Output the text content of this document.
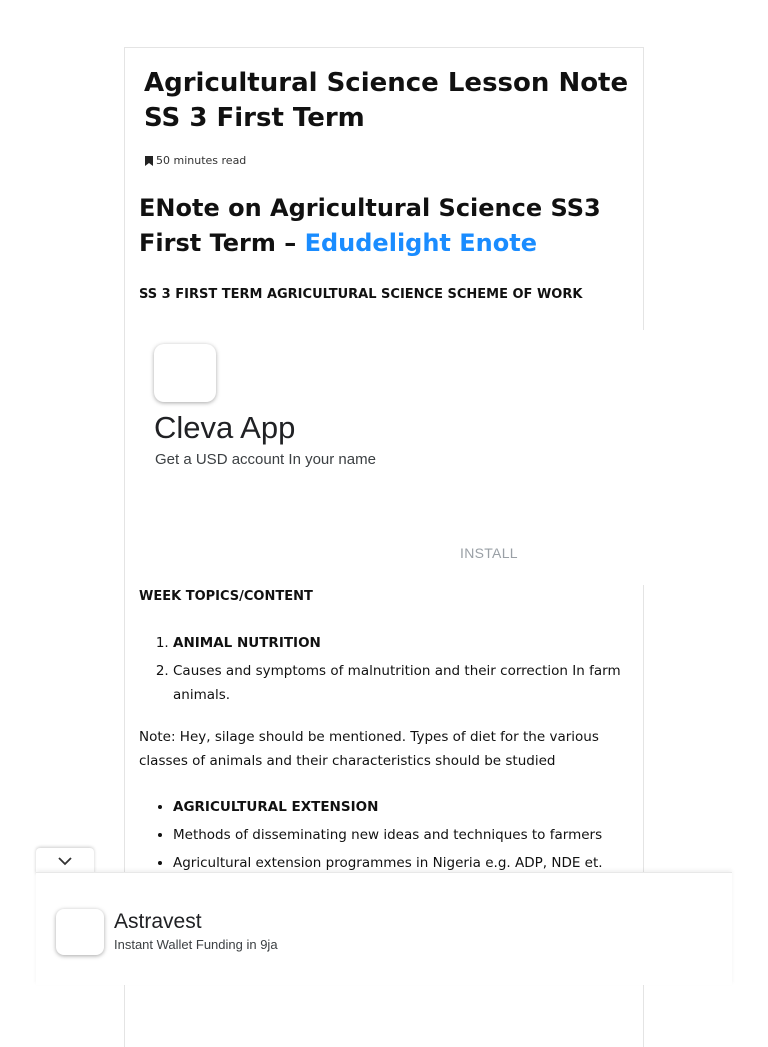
Agricultural Science Lesson Note SS 3 First Term
50 minutes read
ENote on Agricultural Science SS3 First Term – Edudelight Enote
SS 3 FIRST TERM AGRICULTURAL SCIENCE SCHEME OF WORK
Cleva App
Get a USD account In your name
INSTALL
WEEK TOPICS/CONTENT
1. ANIMAL NUTRITION
2. Causes and symptoms of malnutrition and their correction In farm animals.
Note: Hey, silage should be mentioned. Types of diet for the various classes of animals and their characteristics should be studied
• AGRICULTURAL EXTENSION
• Methods of disseminating new ideas and techniques to farmers
• Agricultural extension programmes in Nigeria e.g. ADP, NDE et.
Astravest
Instant Wallet Funding in 9ja
